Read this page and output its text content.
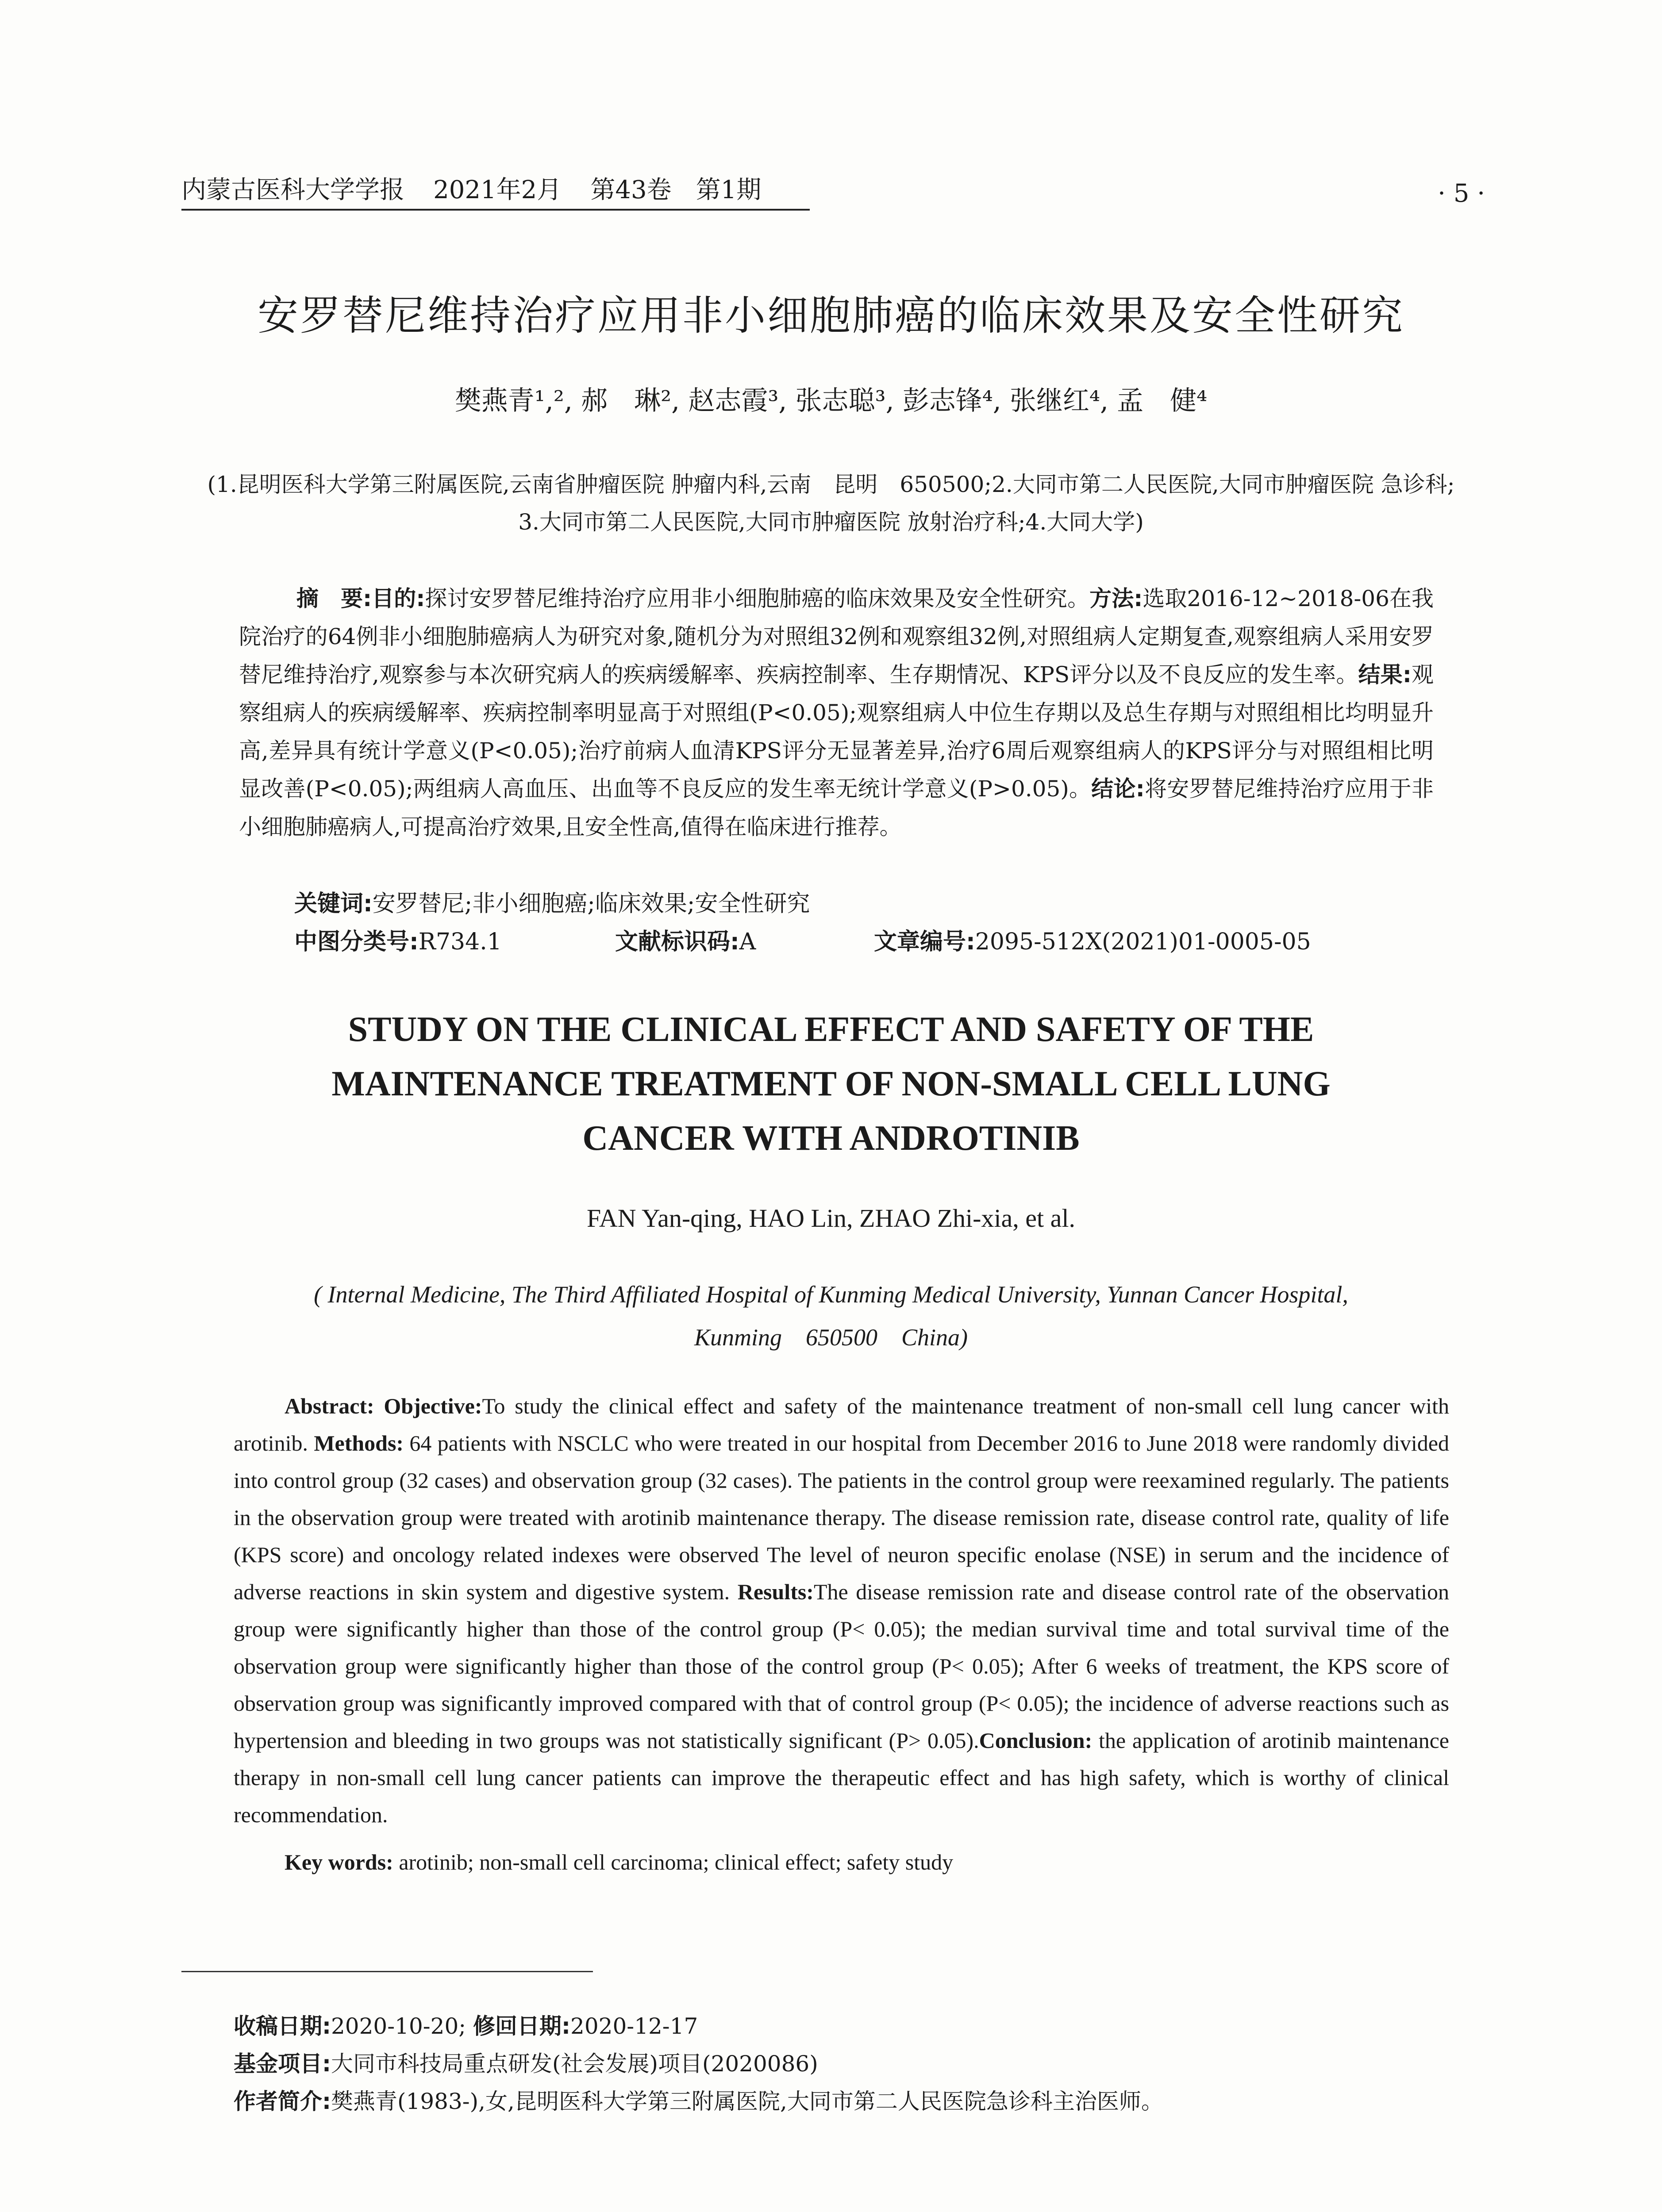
内蒙古医科大学学报 2021年2月 第43卷 第1期	· 5 ·
安罗替尼维持治疗应用非小细胞肺癌的临床效果及安全性研究
樊燕青¹,², 郝　琳², 赵志霞³, 张志聪³, 彭志锋⁴, 张继红⁴, 孟　健⁴
(1.昆明医科大学第三附属医院,云南省肿瘤医院 肿瘤内科,云南　昆明　650500;2.大同市第二人民医院,大同市肿瘤医院 急诊科;
3.大同市第二人民医院,大同市肿瘤医院 放射治疗科;4.大同大学)
摘　要:目的:探讨安罗替尼维持治疗应用非小细胞肺癌的临床效果及安全性研究。方法:选取2016-12~2018-06在我院治疗的64例非小细胞肺癌病人为研究对象,随机分为对照组32例和观察组32例,对照组病人定期复查,观察组病人采用安罗替尼维持治疗,观察参与本次研究病人的疾病缓解率、疾病控制率、生存期情况、KPS评分以及不良反应的发生率。结果:观察组病人的疾病缓解率、疾病控制率明显高于对照组(P<0.05);观察组病人中位生存期以及总生存期与对照组相比均明显升高,差异具有统计学意义(P<0.05);治疗前病人血清KPS评分无显著差异,治疗6周后观察组病人的KPS评分与对照组相比明显改善(P<0.05);两组病人高血压、出血等不良反应的发生率无统计学意义(P>0.05)。结论:将安罗替尼维持治疗应用于非小细胞肺癌病人,可提高治疗效果,且安全性高,值得在临床进行推荐。
关键词:安罗替尼;非小细胞癌;临床效果;安全性研究
中图分类号:R734.1	文献标识码:A	文章编号:2095-512X(2021)01-0005-05
STUDY ON THE CLINICAL EFFECT AND SAFETY OF THE
MAINTENANCE TREATMENT OF NON-SMALL CELL LUNG
CANCER WITH ANDROTINIB
FAN Yan-qing, HAO Lin, ZHAO Zhi-xia, et al.
( Internal Medicine, The Third Affiliated Hospital of Kunming Medical University, Yunnan Cancer Hospital,
Kunming　650500　China)
Abstract: Objective:To study the clinical effect and safety of the maintenance treatment of non-small cell lung cancer with arotinib. Methods: 64 patients with NSCLC who were treated in our hospital from December 2016 to June 2018 were randomly divided into control group (32 cases) and observation group (32 cases). The patients in the control group were reexamined regularly. The patients in the observation group were treated with arotinib maintenance therapy. The disease remission rate, disease control rate, quality of life (KPS score) and oncology related indexes were observed The level of neuron specific enolase (NSE) in serum and the incidence of adverse reactions in skin system and digestive system. Results:The disease remission rate and disease control rate of the observation group were significantly higher than those of the control group (P< 0.05); the median survival time and total survival time of the observation group were significantly higher than those of the control group (P< 0.05); After 6 weeks of treatment, the KPS score of observation group was significantly improved compared with that of control group (P< 0.05); the incidence of adverse reactions such as hypertension and bleeding in two groups was not statistically significant (P> 0.05).Conclusion: the application of arotinib maintenance therapy in non-small cell lung cancer patients can improve the therapeutic effect and has high safety, which is worthy of clinical recommendation.
Key words: arotinib; non-small cell carcinoma; clinical effect; safety study
收稿日期:2020-10-20; 修回日期:2020-12-17
基金项目:大同市科技局重点研发(社会发展)项目(2020086)
作者简介:樊燕青(1983-),女,昆明医科大学第三附属医院,大同市第二人民医院急诊科主治医师。
